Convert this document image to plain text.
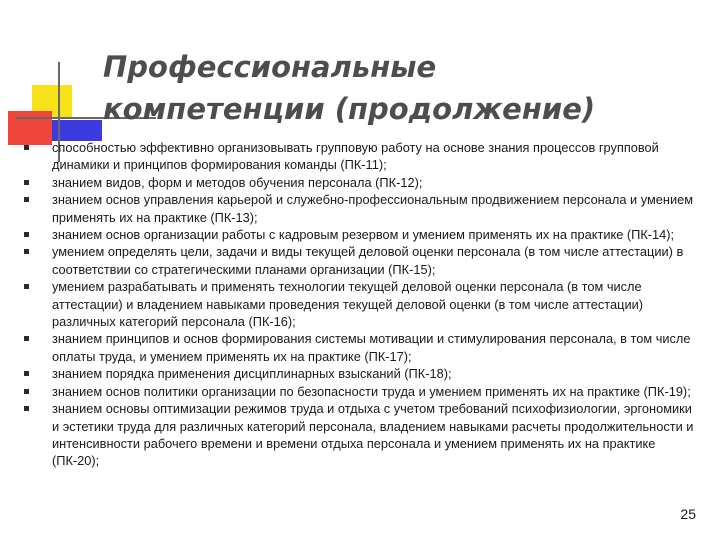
Профессиональные
компетенции (продолжение)
способностью эффективно организовывать групповую работу на основе знания процессов групповой динамики и принципов формирования команды (ПК-11);
знанием видов, форм и методов обучения персонала (ПК-12);
знанием основ управления карьерой и служебно-профессиональным продвижением персонала и умением применять их на практике (ПК-13);
знанием основ организации работы с кадровым резервом и умением применять их на практике (ПК-14);
умением определять цели, задачи и виды текущей деловой оценки персонала (в том числе аттестации) в соответствии со стратегическими планами организации (ПК-15);
умением разрабатывать и применять технологии текущей деловой оценки персонала (в том числе аттестации) и владением навыками проведения текущей деловой оценки (в том числе аттестации) различных категорий персонала (ПК-16);
знанием принципов и основ формирования системы мотивации и стимулирования персонала, в том числе оплаты труда, и умением применять их на практике (ПК-17);
знанием порядка применения дисциплинарных взысканий (ПК-18);
знанием основ политики организации по безопасности труда и умением применять их на практике (ПК-19);
знанием основы оптимизации режимов труда и отдыха с учетом требований психофизиологии, эргономики и эстетики труда для различных категорий персонала, владением навыками расчеты продолжительности и интенсивности рабочего времени и времени отдыха персонала и умением применять их на практике (ПК-20);
25
